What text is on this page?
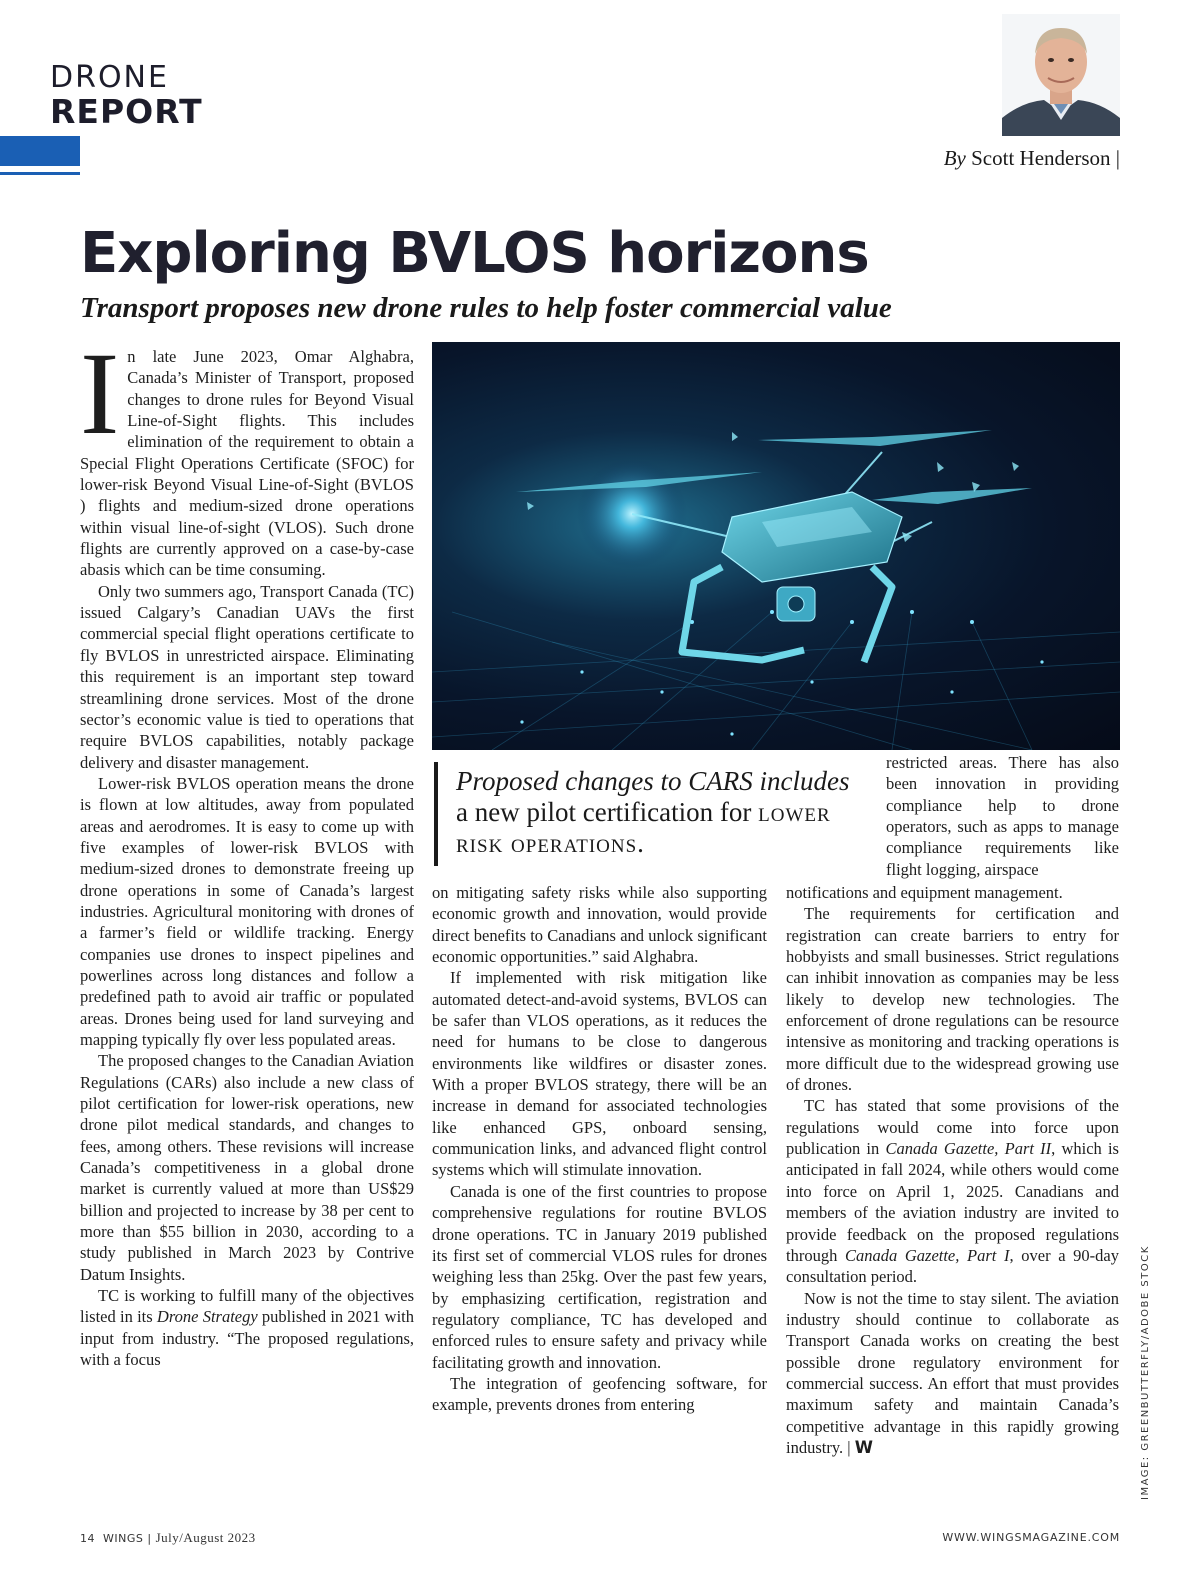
DRONE
REPORT
By Scott Henderson |
Exploring BVLOS horizons
Transport proposes new drone rules to help foster commercial value

In late June 2023, Omar Alghabra, Canada’s Minister of Transport, proposed changes to drone rules for Beyond Visual Line-of-Sight flights. This includes elimination of the requirement to obtain a Special Flight Operations Certificate (SFOC) for lower-risk Beyond Visual Line-of-Sight (BVLOS ) flights and medium-sized drone operations within visual line-of-sight (VLOS). Such drone flights are currently approved on a case-by-case abasis which can be time consuming.

Only two summers ago, Transport Canada (TC) issued Calgary’s Canadian UAVs the first commercial special flight operations certificate to fly BVLOS in unrestricted airspace. Eliminating this requirement is an important step toward streamlining drone services. Most of the drone sector’s economic value is tied to operations that require BVLOS capabilities, notably package delivery and disaster management.

Lower-risk BVLOS operation means the drone is flown at low altitudes, away from populated areas and aerodromes. It is easy to come up with five examples of lower-risk BVLOS with medium-sized drones to demonstrate freeing up drone operations in some of Canada’s largest industries. Agricultural monitoring with drones of a farmer’s field or wildlife tracking. Energy companies use drones to inspect pipelines and powerlines across long distances and follow a predefined path to avoid air traffic or populated areas. Drones being used for land surveying and mapping typically fly over less populated areas.

The proposed changes to the Canadian Aviation Regulations (CARs) also include a new class of pilot certification for lower-risk operations, new drone pilot medical standards, and changes to fees, among others. These revisions will increase Canada’s competitiveness in a global drone market is currently valued at more than US$29 billion and projected to increase by 38 per cent to more than $55 billion in 2030, according to a study published in March 2023 by Contrive Datum Insights.

TC is working to fulfill many of the objectives listed in its Drone Strategy published in 2021 with input from industry. “The proposed regulations, with a focus

Proposed changes to CARS includes a new pilot certification for lower risk operations.

on mitigating safety risks while also supporting economic growth and innovation, would provide direct benefits to Canadians and unlock significant economic opportunities.” said Alghabra.

If implemented with risk mitigation like automated detect-and-avoid systems, BVLOS can be safer than VLOS operations, as it reduces the need for humans to be close to dangerous environments like wildfires or disaster zones. With a proper BVLOS strategy, there will be an increase in demand for associated technologies like enhanced GPS, onboard sensing, communication links, and advanced flight control systems which will stimulate innovation.

Canada is one of the first countries to propose comprehensive regulations for routine BVLOS drone operations. TC in January 2019 published its first set of commercial VLOS rules for drones weighing less than 25kg. Over the past few years, by emphasizing certification, registration and regulatory compliance, TC has developed and enforced rules to ensure safety and privacy while facilitating growth and innovation.

The integration of geofencing software, for example, prevents drones from entering

restricted areas. There has also been innovation in providing compliance help to drone operators, such as apps to manage compliance requirements like flight logging, airspace

notifications and equipment management.

The requirements for certification and registration can create barriers to entry for hobbyists and small businesses. Strict regulations can inhibit innovation as companies may be less likely to develop new technologies. The enforcement of drone regulations can be resource intensive as monitoring and tracking operations is more difficult due to the widespread growing use of drones.

TC has stated that some provisions of the regulations would come into force upon publication in Canada Gazette, Part II, which is anticipated in fall 2024, while others would come into force on April 1, 2025. Canadians and members of the aviation industry are invited to provide feedback on the proposed regulations through Canada Gazette, Part I, over a 90-day consultation period.

Now is not the time to stay silent. The aviation industry should continue to collaborate as Transport Canada works on creating the best possible drone regulatory environment for commercial success. An effort that must provides maximum safety and maintain Canada’s competitive advantage in this rapidly growing industry. | W	IMAGE: GREENBUTTERFLY/ADOBE STOCK
14 WINGS | July/August 2023	WWW.WINGSMAGAZINE.COM
